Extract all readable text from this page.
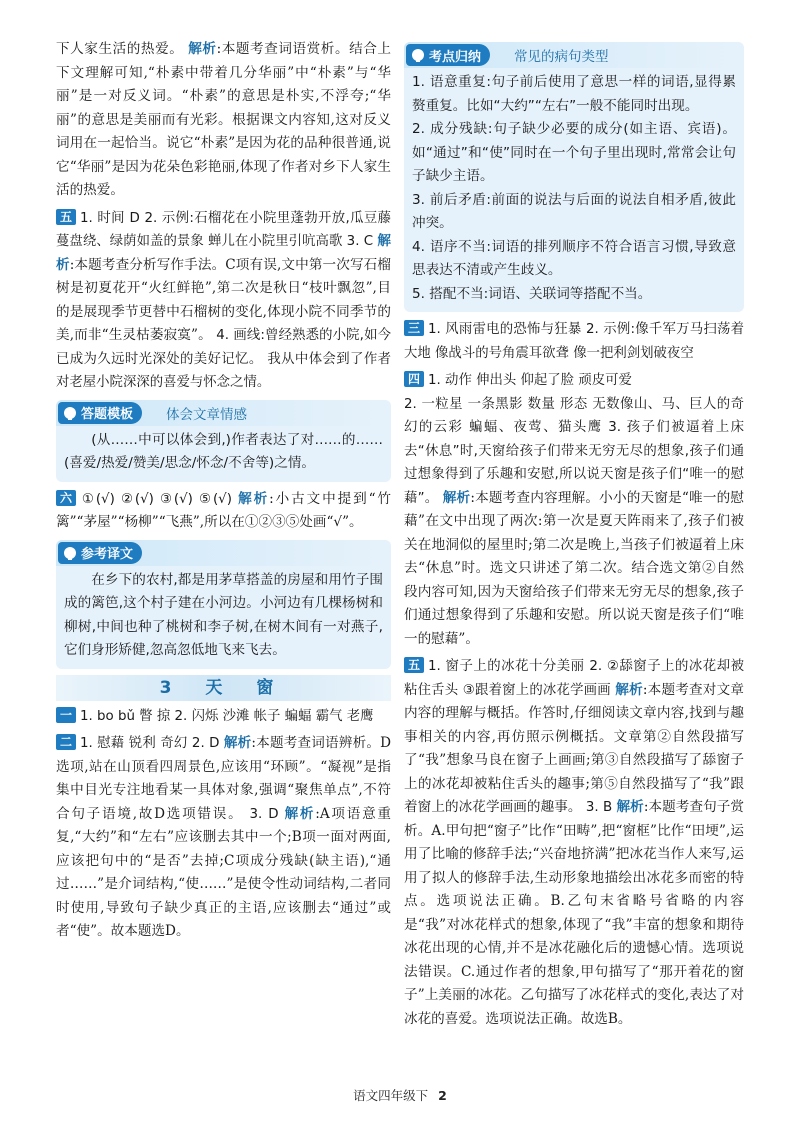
下人家生活的热爱。 解析:本题考查词语赏析。结合上下文理解可知,“朴素中带着几分华丽”中“朴素”与“华丽”是一对反义词。“朴素”的意思是朴实,不浮夸;“华丽”的意思是美丽而有光彩。根据课文内容知,这对反义词用在一起恰当。说它“朴素”是因为花的品种很普通,说它“华丽”是因为花朵色彩艳丽,体现了作者对乡下人家生活的热爱。

五 1. 时间 D 2. 示例:石榴花在小院里蓬勃开放,瓜豆藤蔓盘绕、绿荫如盖的景象 蝉儿在小院里引吭高歌 3. C 解析:本题考查分析写作手法。C项有误,文中第一次写石榴树是初夏花开“火红鲜艳”,第二次是秋日“枝叶飘忽”,目的是展现季节更替中石榴树的变化,体现小院不同季节的美,而非“生灵枯萎寂寞”。 4. 画线:曾经熟悉的小院,如今已成为久远时光深处的美好记忆。 我从中体会到了作者对老屋小院深深的喜爱与怀念之情。

答题模板 体会文章情感

(从……中可以体会到,)作者表达了对……的……(喜爱/热爱/赞美/思念/怀念/不舍等)之情。

六 ①(√) ②(√) ③(√) ⑤(√) 解析:小古文中提到“竹篱”“茅屋”“杨柳”“飞燕”,所以在①②③⑤处画“√”。

参考译文

在乡下的农村,都是用茅草搭盖的房屋和用竹子围成的篱笆,这个村子建在小河边。小河边有几棵杨树和柳树,中间也种了桃树和李子树,在树木间有一对燕子,它们身形矫健,忽高忽低地飞来飞去。

3 天 窗

一 1. bo bǔ 瞥 掠 2. 闪烁 沙滩 帐子 蝙蝠 霸气 老鹰

二 1. 慰藉 锐利 奇幻 2. D 解析:本题考查词语辨析。D选项,站在山顶看四周景色,应该用“环顾”。“凝视”是指集中目光专注地看某一具体对象,强调“聚焦单点”,不符合句子语境,故D选项错误。 3. D 解析:A项语意重复,“大约”和“左右”应该删去其中一个;B项一面对两面,应该把句中的“是否”去掉;C项成分残缺(缺主语),“通过……”是介词结构,“使……”是使令性动词结构,二者同时使用,导致句子缺少真正的主语,应该删去“通过”或者“使”。故本题选D。

考点归纳 常见的病句类型

1. 语意重复:句子前后使用了意思一样的词语,显得累赘重复。比如“大约”“左右”一般不能同时出现。

2. 成分残缺:句子缺少必要的成分(如主语、宾语)。如“通过”和“使”同时在一个句子里出现时,常常会让句子缺少主语。

3. 前后矛盾:前面的说法与后面的说法自相矛盾,彼此冲突。

4. 语序不当:词语的排列顺序不符合语言习惯,导致意思表达不清或产生歧义。

5. 搭配不当:词语、关联词等搭配不当。

三 1. 风雨雷电的恐怖与狂暴 2. 示例:像千军万马扫荡着大地 像战斗的号角震耳欲聋 像一把利剑划破夜空

四 1. 动作 伸出头 仰起了脸 顽皮可爱

2. 一粒星 一条黑影 数量 形态 无数像山、马、巨人的奇幻的云彩 蝙蝠、夜莺、猫头鹰 3. 孩子们被逼着上床去“休息”时,天窗给孩子们带来无穷无尽的想象,孩子们通过想象得到了乐趣和安慰,所以说天窗是孩子们“唯一的慰藉”。 解析:本题考查内容理解。小小的天窗是“唯一的慰藉”在文中出现了两次:第一次是夏天阵雨来了,孩子们被关在地洞似的屋里时;第二次是晚上,当孩子们被逼着上床去“休息”时。选文只讲述了第二次。结合选文第②自然段内容可知,因为天窗给孩子们带来无穷无尽的想象,孩子们通过想象得到了乐趣和安慰。所以说天窗是孩子们“唯一的慰藉”。

五 1. 窗子上的冰花十分美丽 2. ②舔窗子上的冰花却被粘住舌头 ③跟着窗上的冰花学画画 解析:本题考查对文章内容的理解与概括。作答时,仔细阅读文章内容,找到与趣事相关的内容,再仿照示例概括。文章第②自然段描写了“我”想象马良在窗子上画画;第③自然段描写了舔窗子上的冰花却被粘住舌头的趣事;第⑤自然段描写了“我”跟着窗上的冰花学画画的趣事。 3. B 解析:本题考查句子赏析。A.甲句把“窗子”比作“田畴”,把“窗框”比作“田埂”,运用了比喻的修辞手法;“兴奋地挤满”把冰花当作人来写,运用了拟人的修辞手法,生动形象地描绘出冰花多而密的特点。选项说法正确。B.乙句末省略号省略的内容是“我”对冰花样式的想象,体现了“我”丰富的想象和期待冰花出现的心情,并不是冰花融化后的遗憾心情。选项说法错误。C.通过作者的想象,甲句描写了“那开着花的窗子”上美丽的冰花。乙句描写了冰花样式的变化,表达了对冰花的喜爱。选项说法正确。故选B。

语文四年级下 2
